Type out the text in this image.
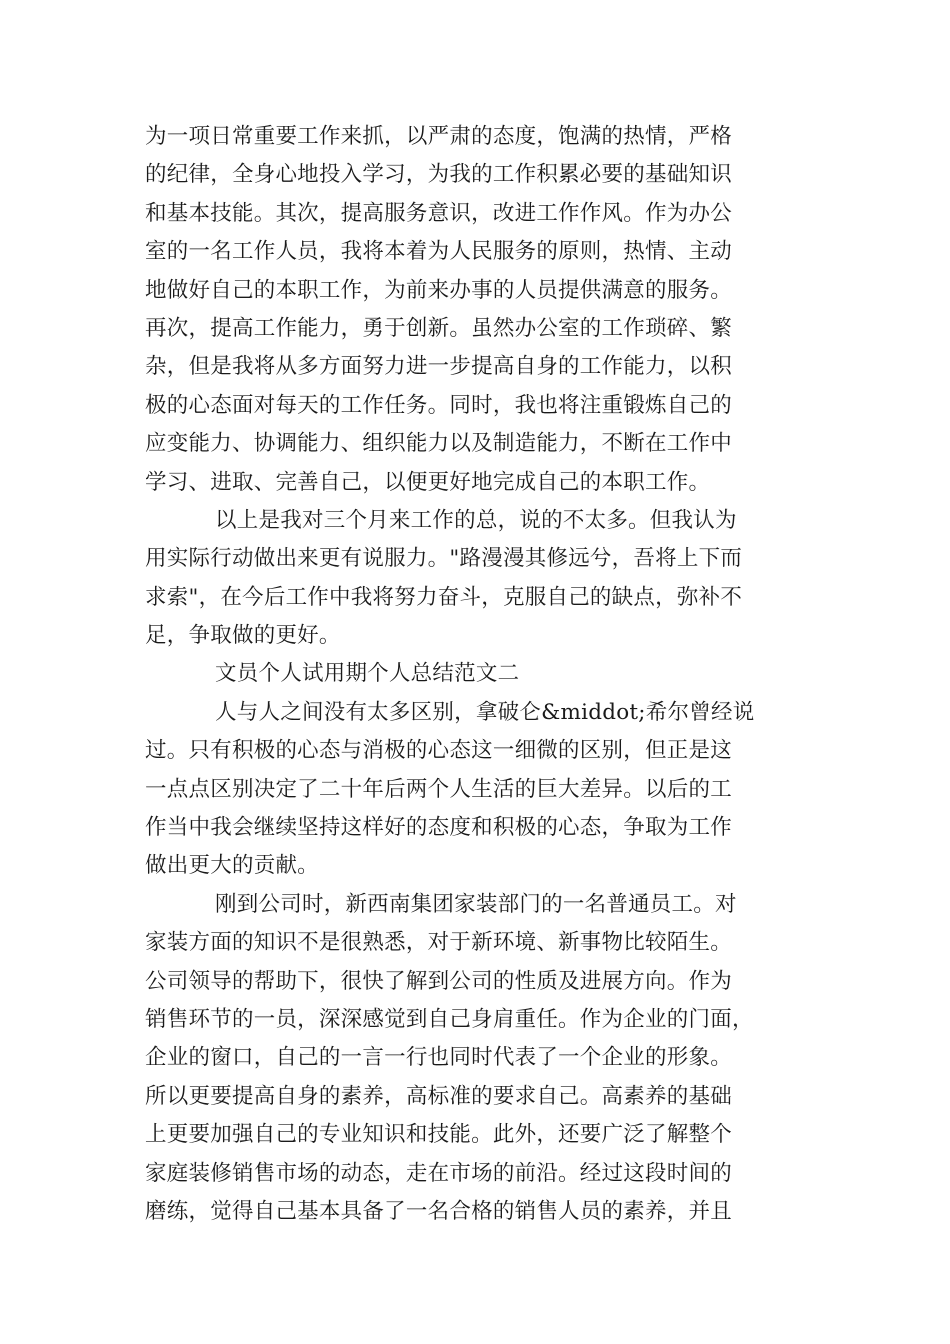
为一项日常重要工作来抓，以严肃的态度，饱满的热情，严格
的纪律，全身心地投入学习，为我的工作积累必要的基础知识
和基本技能。其次，提高服务意识，改进工作作风。作为办公
室的一名工作人员，我将本着为人民服务的原则，热情、主动
地做好自己的本职工作，为前来办事的人员提供满意的服务。
再次，提高工作能力，勇于创新。虽然办公室的工作琐碎、繁
杂，但是我将从多方面努力进一步提高自身的工作能力，以积
极的心态面对每天的工作任务。同时，我也将注重锻炼自己的
应变能力、协调能力、组织能力以及制造能力，不断在工作中
学习、进取、完善自己，以便更好地完成自己的本职工作。
以上是我对三个月来工作的总，说的不太多。但我认为
用实际行动做出来更有说服力。"路漫漫其修远兮，吾将上下而
求索"，在今后工作中我将努力奋斗，克服自己的缺点，弥补不
足，争取做的更好。
文员个人试用期个人总结范文二
人与人之间没有太多区别，拿破仑&middot;希尔曾经说
过。只有积极的心态与消极的心态这一细微的区别，但正是这
一点点区别决定了二十年后两个人生活的巨大差异。以后的工
作当中我会继续坚持这样好的态度和积极的心态，争取为工作
做出更大的贡献。
刚到公司时，新西南集团家装部门的一名普通员工。对
家装方面的知识不是很熟悉，对于新环境、新事物比较陌生。
公司领导的帮助下，很快了解到公司的性质及进展方向。作为
销售环节的一员，深深感觉到自己身肩重任。作为企业的门面，
企业的窗口，自己的一言一行也同时代表了一个企业的形象。
所以更要提高自身的素养，高标准的要求自己。高素养的基础
上更要加强自己的专业知识和技能。此外，还要广泛了解整个
家庭装修销售市场的动态，走在市场的前沿。经过这段时间的
磨练，觉得自己基本具备了一名合格的销售人员的素养，并且
